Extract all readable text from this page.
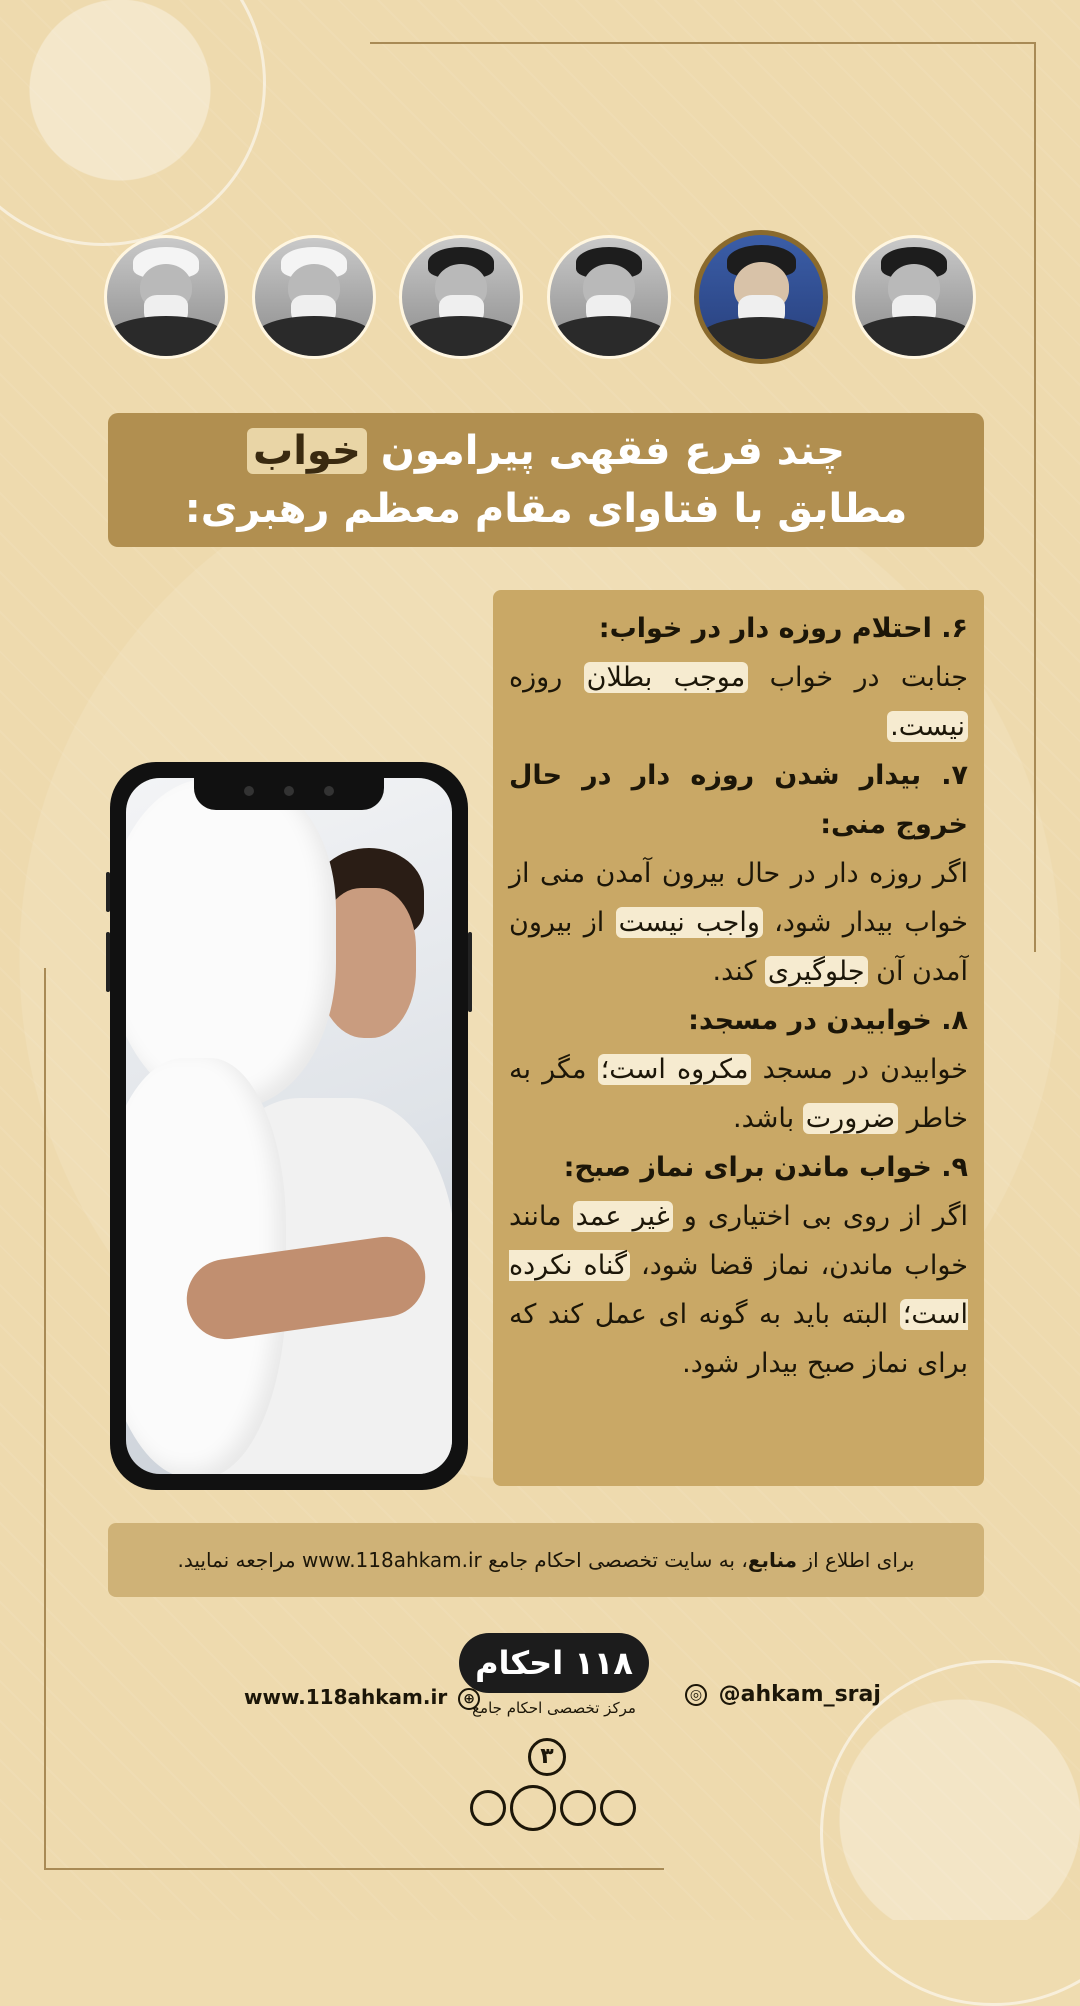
چند فرع فقهی پیرامون خواب
مطابق با فتاوای مقام معظم رهبری:

۶. احتلام روزه دار در خواب:

جنابت در خواب موجب بطلان روزه نیست.

۷. بیدار شدن روزه دار در حال خروج منی:

اگر روزه دار در حال بیرون آمدن منی از خواب بیدار شود، واجب نیست از بیرون آمدن آن جلوگیری کند.

۸. خوابیدن در مسجد:

خوابیدن در مسجد مکروه است؛ مگر به خاطر ضرورت باشد.

۹. خواب ماندن برای نماز صبح:

اگر از روی بی اختیاری و غیر عمد مانند خواب ماندن، نماز قضا شود، گناه نکرده است؛ البته باید به گونه ای عمل کند که برای نماز صبح بیدار شود.

برای اطلاع از منابع، به سایت تخصصی احکام جامع www.118ahkam.ir مراجعه نمایید.
۱۱۸ احکام
مرکز تخصصی احکام جامع
◎ @ahkam_sraj
www.118ahkam.ir ⊕
۳
